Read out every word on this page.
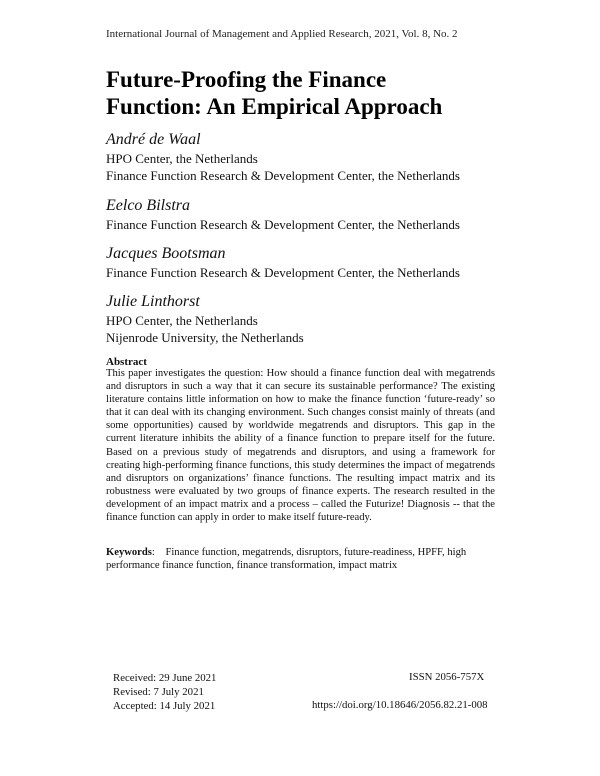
International Journal of Management and Applied Research, 2021, Vol. 8, No. 2
Future-Proofing the Finance
Function: An Empirical Approach
André de Waal
HPO Center, the Netherlands
Finance Function Research & Development Center, the Netherlands
Eelco Bilstra
Finance Function Research & Development Center, the Netherlands
Jacques Bootsman
Finance Function Research & Development Center, the Netherlands
Julie Linthorst
HPO Center, the Netherlands
Nijenrode University, the Netherlands
Abstract

This paper investigates the question: How should a finance function deal with megatrends and disruptors in such a way that it can secure its sustainable performance? The existing literature contains little information on how to make the finance function ‘future-ready’ so that it can deal with its changing environment. Such changes consist mainly of threats (and some opportunities) caused by worldwide megatrends and disruptors. This gap in the current literature inhibits the ability of a finance function to prepare itself for the future. Based on a previous study of megatrends and disruptors, and using a framework for creating high-performing finance functions, this study determines the impact of megatrends and disruptors on organizations’ finance functions. The resulting impact matrix and its robustness were evaluated by two groups of finance experts. The research resulted in the development of an impact matrix and a process – called the Futurize! Diagnosis -- that the finance function can apply in order to make itself future-ready.

Keywords: Finance function, megatrends, disruptors, future-readiness, HPFF, high performance finance function, finance transformation, impact matrix

Received: 29 June 2021
Revised: 7 July 2021
Accepted: 14 July 2021
ISSN 2056-757X
https://doi.org/10.18646/2056.82.21-008
